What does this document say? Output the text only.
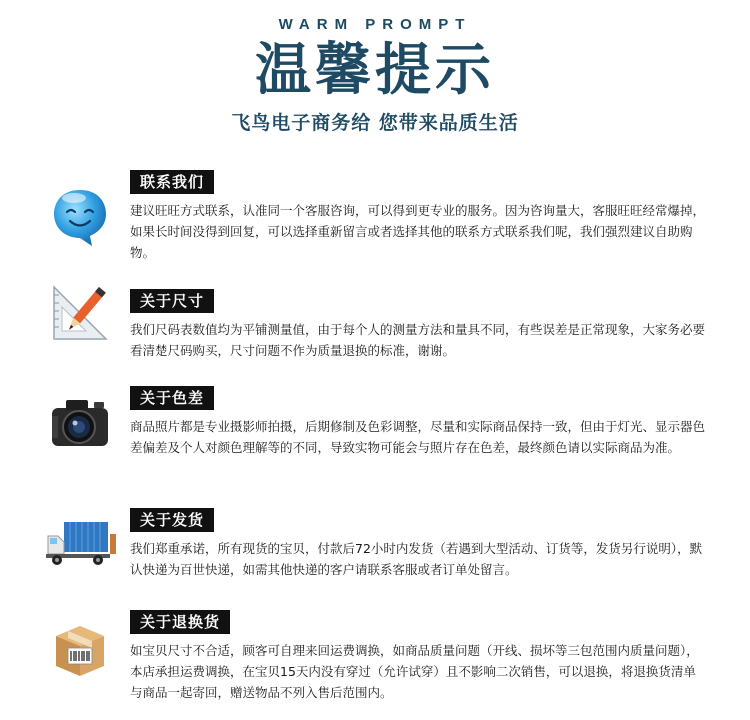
WARM PROMPT
温馨提示
飞鸟电子商务给 您带来品质生活
联系我们

建议旺旺方式联系，认准同一个客服咨询，可以得到更专业的服务。因为咨询量大，客服旺旺经常爆掉，如果长时间没得到回复，可以选择重新留言或者选择其他的联系方式联系我们呢，我们强烈建议自助购物。

关于尺寸

我们尺码表数值均为平铺测量值，由于每个人的测量方法和量具不同，有些误差是正常现象，大家务必要看清楚尺码购买，尺寸问题不作为质量退换的标准，谢谢。

关于色差

商品照片都是专业摄影师拍摄，后期修制及色彩调整，尽量和实际商品保持一致，但由于灯光、显示器色差偏差及个人对颜色理解等的不同，导致实物可能会与照片存在色差，最终颜色请以实际商品为准。

关于发货

我们郑重承诺，所有现货的宝贝，付款后72小时内发货（若遇到大型活动、订货等，发货另行说明），默认快递为百世快递，如需其他快递的客户请联系客服或者订单处留言。

关于退换货

如宝贝尺寸不合适，顾客可自理来回运费调换，如商品质量问题（开线、损坏等三包范围内质量问题），本店承担运费调换，在宝贝15天内没有穿过（允许试穿）且不影响二次销售，可以退换，将退换货清单与商品一起寄回，赠送物品不列入售后范围内。
